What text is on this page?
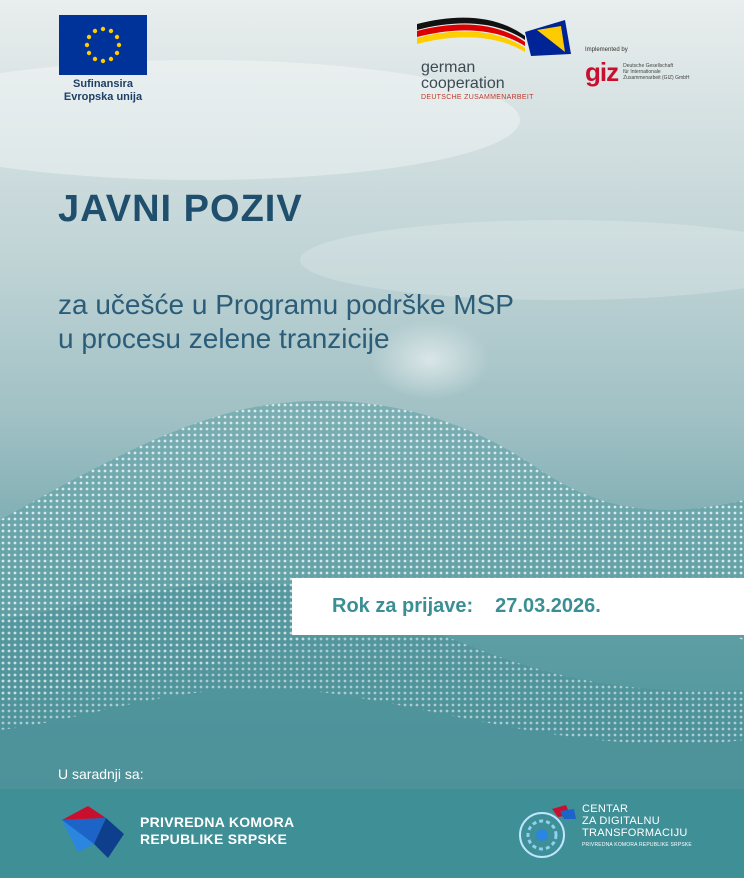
Sufinansira
Evropska unija
german
cooperation
DEUTSCHE ZUSAMMENARBEIT
Implemented by
giz Deutsche Gesellschaft
für Internationale
Zusammenarbeit (GIZ) GmbH
JAVNI POZIV
za učešće u Programu podrške MSP
u procesu zelene tranzicije
Rok za prijave: 27.03.2026.
U saradnji sa:
PRIVREDNA KOMORA
REPUBLIKE SRPSKE
CENTAR
ZA DIGITALNU
TRANSFORMACIJU
PRIVREDNA KOMORA REPUBLIKE SRPSKE
